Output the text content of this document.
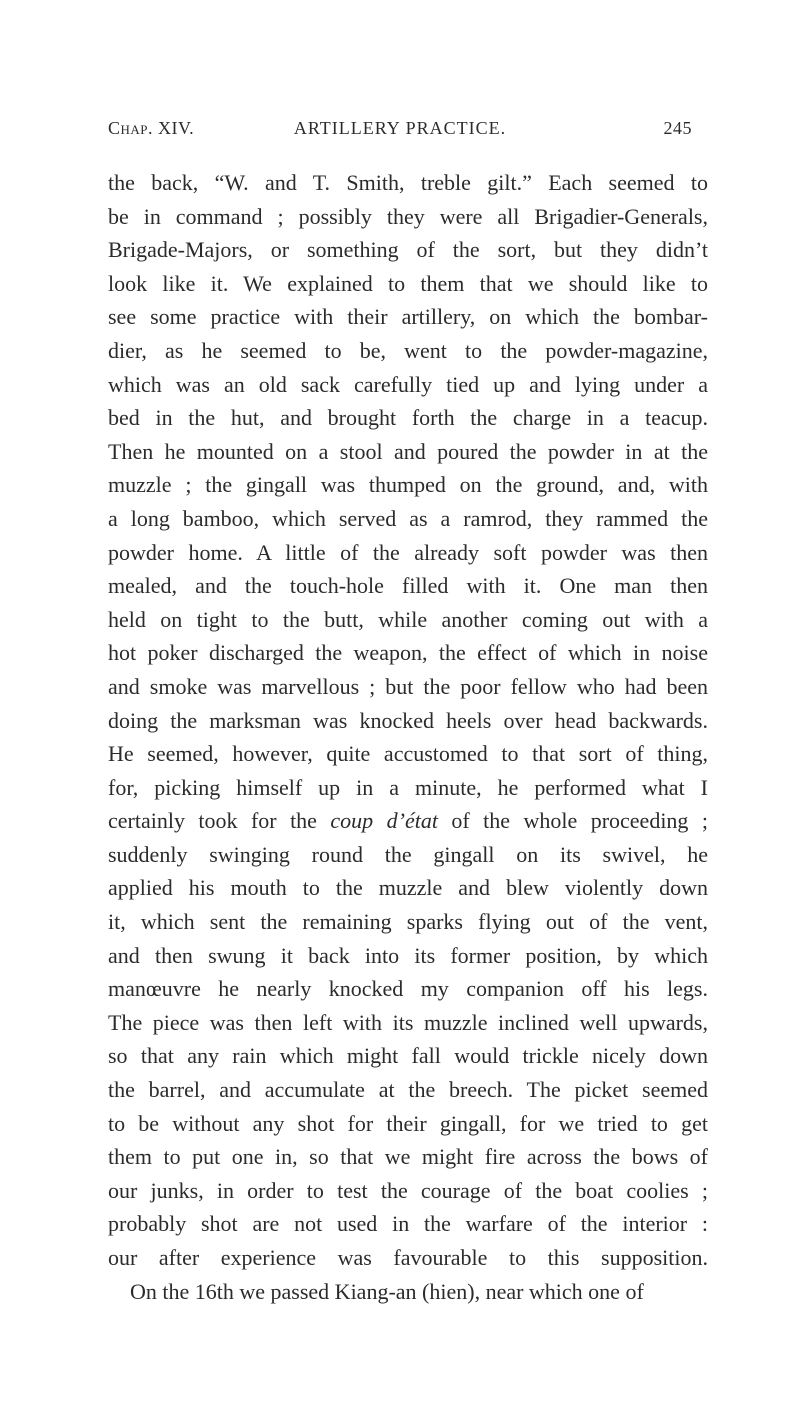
Chap. XIV.	ARTILLERY PRACTICE.	245
the back, “W. and T. Smith, treble gilt.” Each seemed to
be in command ; possibly they were all Brigadier-Generals,
Brigade-Majors, or something of the sort, but they didn’t
look like it. We explained to them that we should like to
see some practice with their artillery, on which the bombar-
dier, as he seemed to be, went to the powder-magazine,
which was an old sack carefully tied up and lying under a
bed in the hut, and brought forth the charge in a teacup.
Then he mounted on a stool and poured the powder in at the
muzzle ; the gingall was thumped on the ground, and, with
a long bamboo, which served as a ramrod, they rammed the
powder home. A little of the already soft powder was then
mealed, and the touch-hole filled with it. One man then
held on tight to the butt, while another coming out with a
hot poker discharged the weapon, the effect of which in noise
and smoke was marvellous ; but the poor fellow who had been
doing the marksman was knocked heels over head backwards.
He seemed, however, quite accustomed to that sort of thing,
for, picking himself up in a minute, he performed what I
certainly took for the coup d’état of the whole proceeding ;
suddenly swinging round the gingall on its swivel, he
applied his mouth to the muzzle and blew violently down
it, which sent the remaining sparks flying out of the vent,
and then swung it back into its former position, by which
manœuvre he nearly knocked my companion off his legs.
The piece was then left with its muzzle inclined well upwards,
so that any rain which might fall would trickle nicely down
the barrel, and accumulate at the breech. The picket seemed
to be without any shot for their gingall, for we tried to get
them to put one in, so that we might fire across the bows of
our junks, in order to test the courage of the boat coolies ;
probably shot are not used in the warfare of the interior :
our after experience was favourable to this supposition.
On the 16th we passed Kiang-an (hien), near which one of
